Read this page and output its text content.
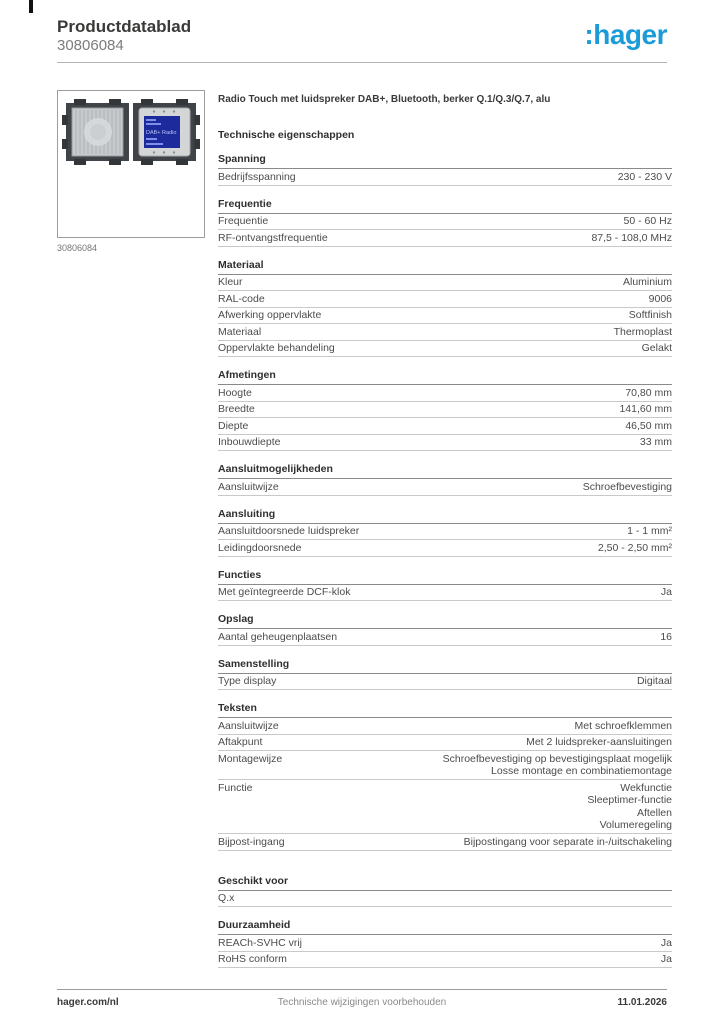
Productdatablad
30806084	:hager
DAB+ Radio
30806084
Radio Touch met luidspreker DAB+, Bluetooth, berker Q.1/Q.3/Q.7, alu
Technische eigenschappen
Spanning
Bedrijfsspanning	230 - 230 V
Frequentie
Frequentie	50 - 60 Hz
RF-ontvangstfrequentie	87,5 - 108,0 MHz
Materiaal
Kleur	Aluminium
RAL-code	9006
Afwerking oppervlakte	Softfinish
Materiaal	Thermoplast
Oppervlakte behandeling	Gelakt
Afmetingen
Hoogte	70,80 mm
Breedte	141,60 mm
Diepte	46,50 mm
Inbouwdiepte	33 mm
Aansluitmogelijkheden
Aansluitwijze	Schroefbevestiging
Aansluiting
Aansluitdoorsnede luidspreker	1 - 1 mm²
Leidingdoorsnede	2,50 - 2,50 mm²
Functies
Met geïntegreerde DCF-klok	Ja
Opslag
Aantal geheugenplaatsen	16
Samenstelling
Type display	Digitaal
Teksten
Aansluitwijze	Met schroefklemmen
Aftakpunt	Met 2 luidspreker-aansluitingen
Montagewijze	Schroefbevestiging op bevestigingsplaat mogelijk
Losse montage en combinatiemontage
Functie	Wekfunctie
Sleeptimer-functie
Aftellen
Volumeregeling
Bijpost-ingang	Bijpostingang voor separate in-/uitschakeling
Geschikt voor
Q.x
Duurzaamheid
REACh-SVHC vrij	Ja
RoHS conform	Ja
Technische wijzigingen voorbehouden
hager.com/nl	11.01.2026
